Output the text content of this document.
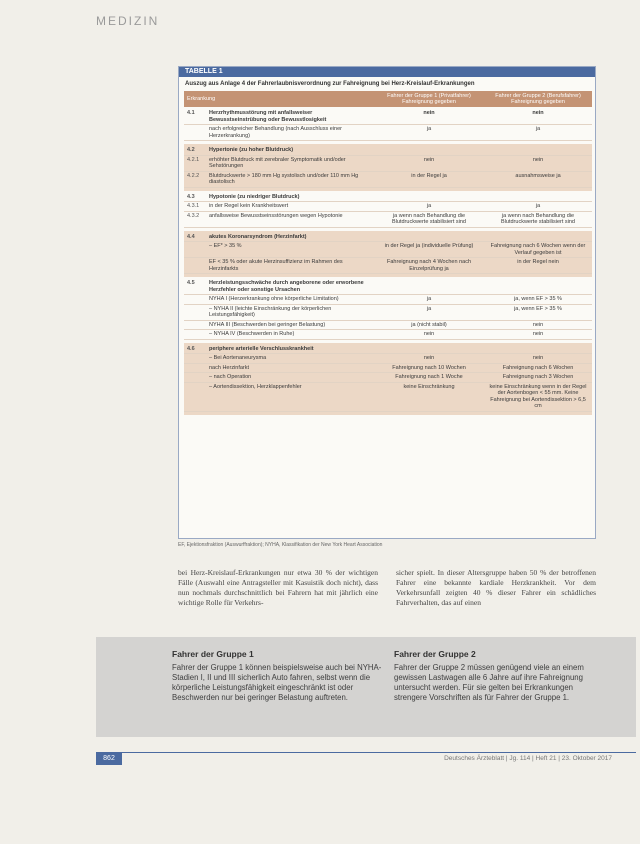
MEDIZIN
TABELLE 1
Auszug aus Anlage 4 der Fahrerlaubnisverordnung zur Fahreignung bei Herz-Kreislauf-Erkrankungen
Erkrankung		Fahrer der Gruppe 1 (Privatfahrer) Fahreignung gegeben	Fahrer der Gruppe 2 (Berufsfahrer) Fahreignung gegeben
4.1	Herzrhythmusstörung mit anfallsweiser Bewusstseinstrübung oder Bewusstlosigkeit	nein	nein
	nach erfolgreicher Behandlung (nach Ausschluss einer Herzerkrankung)	ja	ja

4.2	Hypertonie (zu hoher Blutdruck)		
4.2.1	erhöhter Blutdruck mit zerebraler Symptomatik und/oder Sehstörungen	nein	nein
4.2.2	Blutdruckwerte > 180 mm Hg systolisch und/oder 110 mm Hg diastolisch	in der Regel ja	ausnahmsweise ja

4.3	Hypotonie (zu niedriger Blutdruck)		
4.3.1	in der Regel kein Krankheitswert	ja	ja
4.3.2	anfallsweise Bewusstseinsstörungen wegen Hypotonie	ja wenn nach Behandlung die Blutdruckwerte stabilisiert sind	ja wenn nach Behandlung die Blutdruckwerte stabilisiert sind

4.4	akutes Koronarsyndrom (Herzinfarkt)		
	– EF* > 35 %	in der Regel ja (individuelle Prüfung)	Fahreignung nach 6 Wochen wenn der Verlauf gegeben ist
	EF < 35 % oder akute Herzinsuffizienz im Rahmen des Herzinfarkts	Fahreignung nach 4 Wochen nach Einzelprüfung ja	in der Regel nein

4.5	Herzleistungsschwäche durch angeborene oder erworbene Herzfehler oder sonstige Ursachen		
	NYHA I (Herzerkrankung ohne körperliche Limitation)	ja	ja, wenn EF > 35 %
	– NYHA II (leichte Einschränkung der körperlichen Leistungsfähigkeit)	ja	ja, wenn EF > 35 %
	NYHA III (Beschwerden bei geringer Belastung)	ja (nicht stabil)	nein
	– NYHA IV (Beschwerden in Ruhe)	nein	nein

4.6	periphere arterielle Verschlusskrankheit		
	– Bei Aortenaneurysma	nein	nein
	nach Herzinfarkt	Fahreignung nach 10 Wochen	Fahreignung nach 6 Wochen
	– nach Operation	Fahreignung nach 1 Woche	Fahreignung nach 3 Wochen
	– Aortendissektion, Herzklappenfehler	keine Einschränkung	keine Einschränkung wenn in der Regel der Aortenbogen < 55 mm. Keine Fahreignung bei Aortendissektion > 6,5 cm

EF, Ejektionsfraktion (Auswurffraktion); NYHA, Klassifikation der New York Heart Association
bei Herz-Kreislauf-Erkrankungen nur etwa 30 % der wichtigen Fälle (Auswahl eine Antragsteller mit Kasuistik doch nicht), dass nun nochmals durchschnittlich bei Fahrern hat mit jährlich eine wichtige Rolle für Verkehrs-
sicher spielt. In dieser Altersgruppe haben 50 % der betroffenen Fahrer eine bekannte kardiale Herzkrankheit. Vor dem Verkehrsunfall zeigten 40 % dieser Fahrer ein schädliches Fahrverhalten, das auf einen
Fahrer der Gruppe 1
Fahrer der Gruppe 1 können beispielsweise auch bei NYHA-Stadien I, II und III sicherlich Auto fahren, selbst wenn die körperliche Leistungsfähigkeit eingeschränkt ist oder Beschwerden nur bei geringer Belastung auftreten.
Fahrer der Gruppe 2
Fahrer der Gruppe 2 müssen genügend viele an einem gewissen Lastwagen alle 6 Jahre auf ihre Fahreignung untersucht werden. Für sie gelten bei Erkrankungen strengere Vorschriften als für Fahrer der Gruppe 1.
862	Deutsches Ärzteblatt | Jg. 114 | Heft 21 | 23. Oktober 2017
